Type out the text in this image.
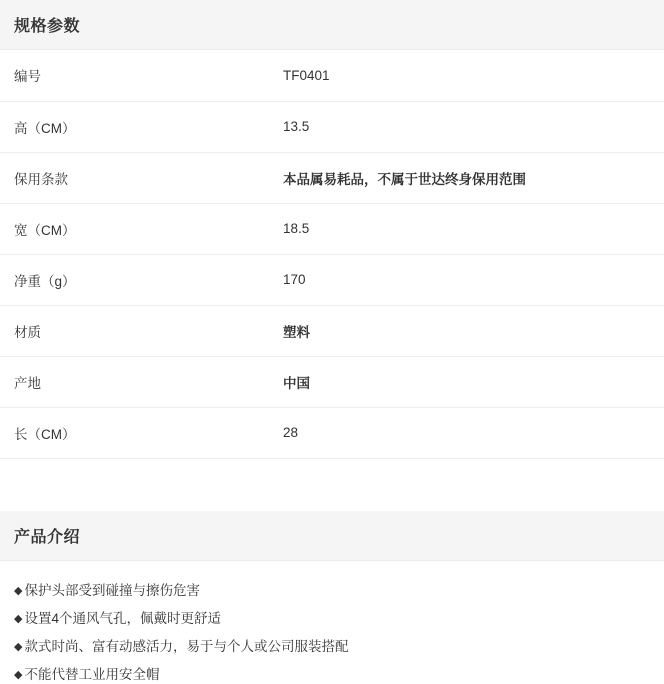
规格参数
编号	TF0401
高（CM）	13.5
保用条款	本品属易耗品，不属于世达终身保用范围
宽（CM）	18.5
净重（g）	170
材质	塑料
产地	中国
长（CM）	28
产品介绍
◆ 保护头部受到碰撞与擦伤危害
◆ 设置4个通风气孔，佩戴时更舒适
◆ 款式时尚、富有动感活力，易于与个人或公司服装搭配
◆ 不能代替工业用安全帽
